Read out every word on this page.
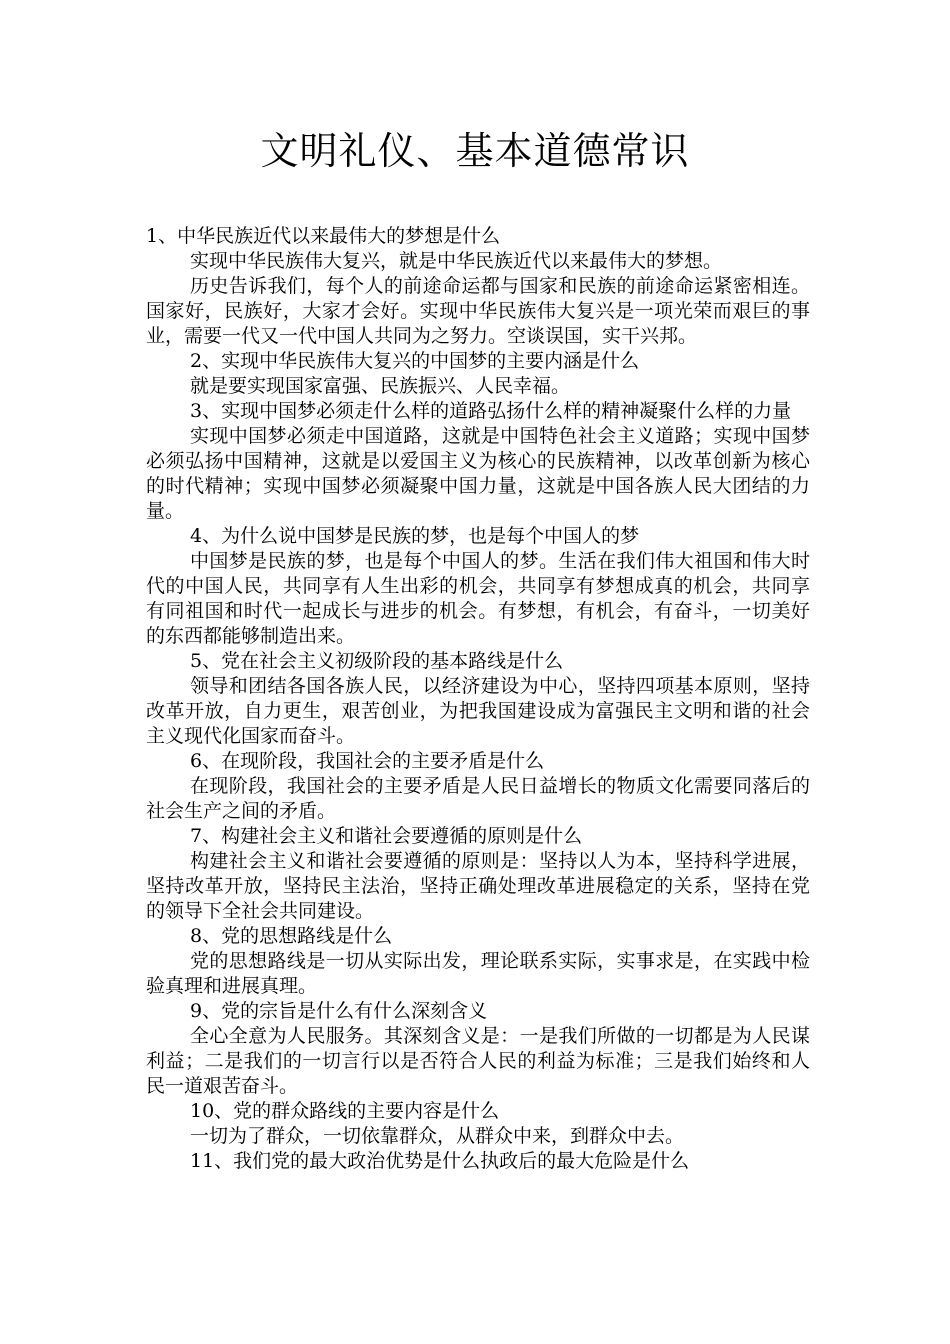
文明礼仪、基本道德常识

1、中华民族近代以来最伟大的梦想是什么

实现中华民族伟大复兴，就是中华民族近代以来最伟大的梦想。

历史告诉我们，每个人的前途命运都与国家和民族的前途命运紧密相连。国家好，民族好，大家才会好。实现中华民族伟大复兴是一项光荣而艰巨的事业，需要一代又一代中国人共同为之努力。空谈误国，实干兴邦。

2、实现中华民族伟大复兴的中国梦的主要内涵是什么

就是要实现国家富强、民族振兴、人民幸福。

3、实现中国梦必须走什么样的道路弘扬什么样的精神凝聚什么样的力量

实现中国梦必须走中国道路，这就是中国特色社会主义道路；实现中国梦必须弘扬中国精神，这就是以爱国主义为核心的民族精神，以改革创新为核心的时代精神；实现中国梦必须凝聚中国力量，这就是中国各族人民大团结的力量。

4、为什么说中国梦是民族的梦，也是每个中国人的梦

中国梦是民族的梦，也是每个中国人的梦。生活在我们伟大祖国和伟大时代的中国人民，共同享有人生出彩的机会，共同享有梦想成真的机会，共同享有同祖国和时代一起成长与进步的机会。有梦想，有机会，有奋斗，一切美好的东西都能够制造出来。

5、党在社会主义初级阶段的基本路线是什么

领导和团结各国各族人民，以经济建设为中心，坚持四项基本原则，坚持改革开放，自力更生，艰苦创业，为把我国建设成为富强民主文明和谐的社会主义现代化国家而奋斗。

6、在现阶段，我国社会的主要矛盾是什么

在现阶段，我国社会的主要矛盾是人民日益增长的物质文化需要同落后的社会生产之间的矛盾。

7、构建社会主义和谐社会要遵循的原则是什么

构建社会主义和谐社会要遵循的原则是：坚持以人为本，坚持科学进展，坚持改革开放，坚持民主法治，坚持正确处理改革进展稳定的关系，坚持在党的领导下全社会共同建设。

8、党的思想路线是什么

党的思想路线是一切从实际出发，理论联系实际，实事求是，在实践中检验真理和进展真理。

9、党的宗旨是什么有什么深刻含义

全心全意为人民服务。其深刻含义是：一是我们所做的一切都是为人民谋利益；二是我们的一切言行以是否符合人民的利益为标准；三是我们始终和人民一道艰苦奋斗。

10、党的群众路线的主要内容是什么

一切为了群众，一切依靠群众，从群众中来，到群众中去。

11、我们党的最大政治优势是什么执政后的最大危险是什么
